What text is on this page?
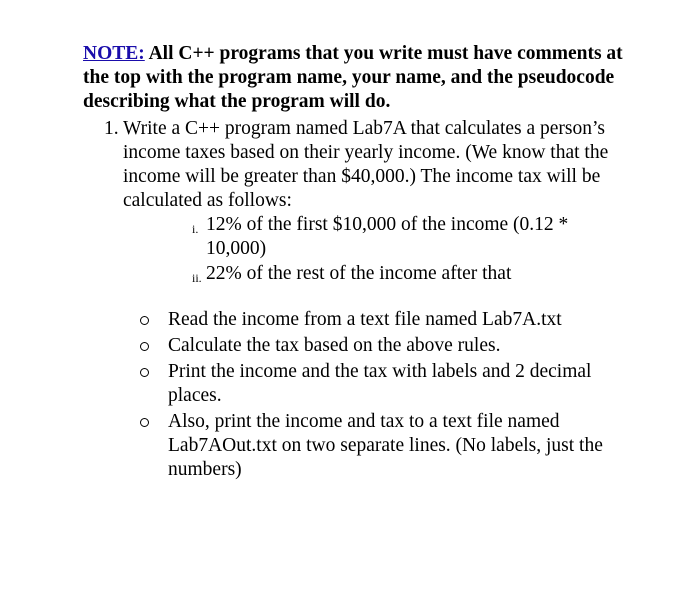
NOTE: All C++ programs that you write must have comments at the top with the program name, your name, and the pseudocode describing what the program will do.
1. Write a C++ program named Lab7A that calculates a person’s income taxes based on their yearly income. (We know that the income will be greater than $40,000.) The income tax will be calculated as follows:
i. 12% of the first $10,000 of the income (0.12 * 10,000)
ii. 22% of the rest of the income after that
Read the income from a text file named Lab7A.txt
Calculate the tax based on the above rules.
Print the income and the tax with labels and 2 decimal places.
Also, print the income and tax to a text file named Lab7AOut.txt on two separate lines. (No labels, just the numbers)
